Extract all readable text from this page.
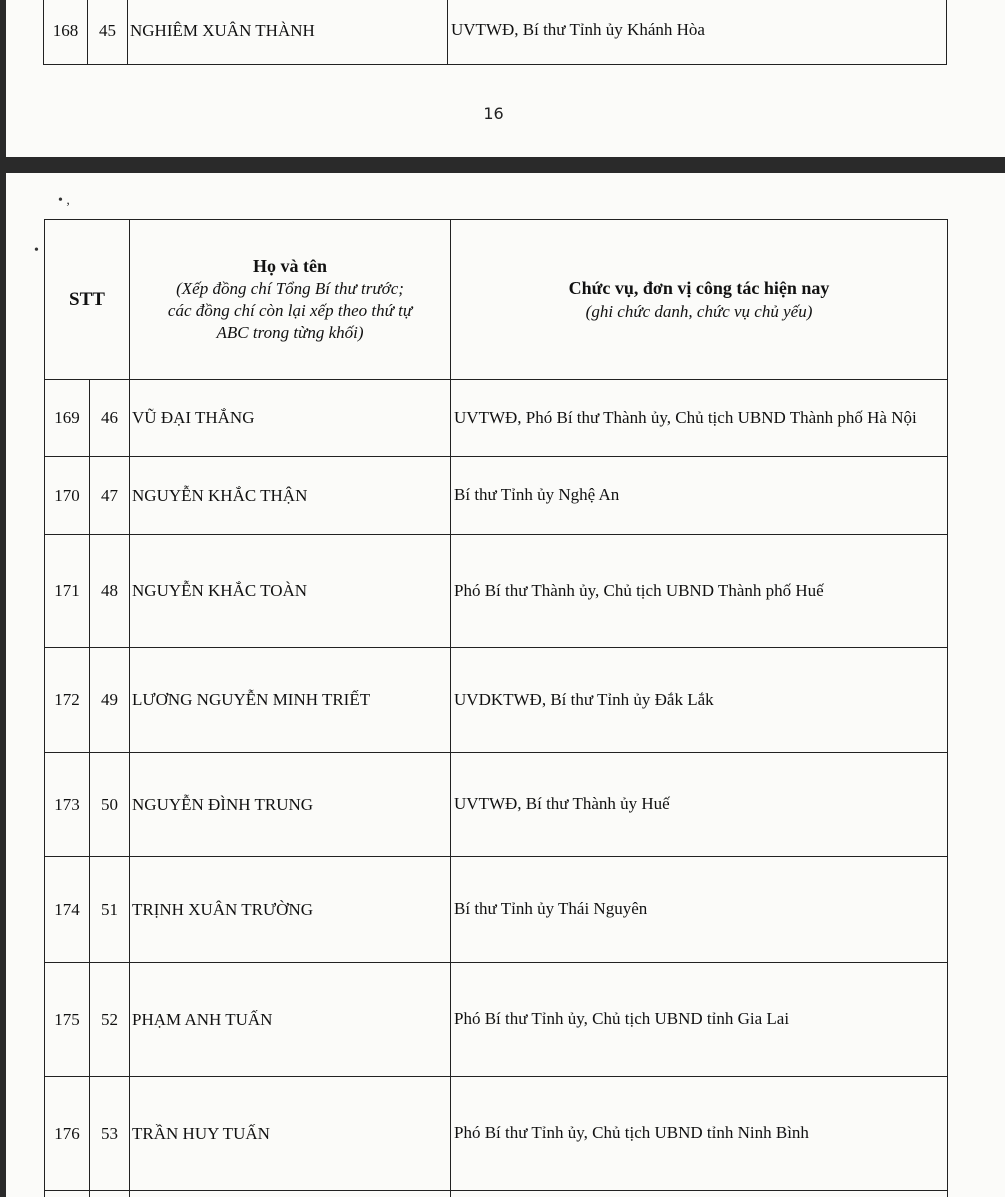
168	45	NGHIÊM XUÂN THÀNH	UVTWĐ, Bí thư Tỉnh ủy Khánh Hòa
16
• ,
•
STT		Họ và tên
(Xếp đồng chí Tổng Bí thư trước;
các đồng chí còn lại xếp theo thứ tự
ABC trong từng khối)	Chức vụ, đơn vị công tác hiện nay
(ghi chức danh, chức vụ chủ yếu)
169	46	VŨ ĐẠI THẮNG	UVTWĐ, Phó Bí thư Thành ủy, Chủ tịch UBND Thành phố Hà Nội
170	47	NGUYỄN KHẮC THẬN	Bí thư Tỉnh ủy Nghệ An
171	48	NGUYỄN KHẮC TOÀN	Phó Bí thư Thành ủy, Chủ tịch UBND Thành phố Huế
172	49	LƯƠNG NGUYỄN MINH TRIẾT	UVDKTWĐ, Bí thư Tỉnh ủy Đắk Lắk
173	50	NGUYỄN ĐÌNH TRUNG	UVTWĐ, Bí thư Thành ủy Huế
174	51	TRỊNH XUÂN TRƯỜNG	Bí thư Tỉnh ủy Thái Nguyên
175	52	PHẠM ANH TUẤN	Phó Bí thư Tỉnh ủy, Chủ tịch UBND tỉnh Gia Lai
176	53	TRẦN HUY TUẤN	Phó Bí thư Tỉnh ủy, Chủ tịch UBND tỉnh Ninh Bình
